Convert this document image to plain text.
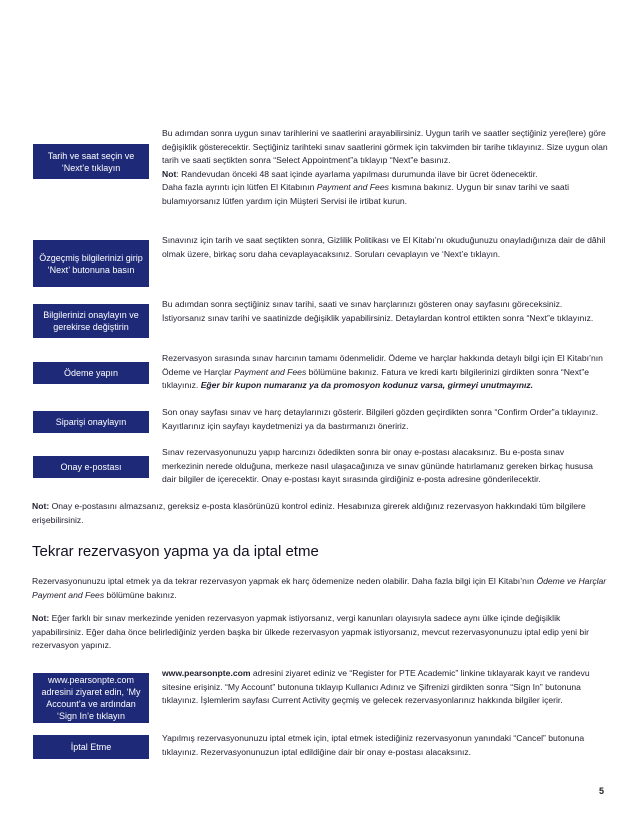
Tarih ve saat seçin ve ‘Next’e tıklayın
Bu adımdan sonra uygun sınav tarihlerini ve saatlerini arayabilirsiniz. Uygun tarih ve saatler seçtiğiniz yere(lere) göre değişiklik gösterecektir. Seçtiğiniz tarihteki sınav saatlerini görmek için takvimden bir tarihe tıklayınız. Size uygun olan tarih ve saati seçtikten sonra “Select Appointment”a tıklayıp “Next”e basınız.
Not: Randevudan önceki 48 saat içinde ayarlama yapılması durumunda ilave bir ücret ödenecektir.
Daha fazla ayrıntı için lütfen El Kitabının Payment and Fees kısmına bakınız. Uygun bir sınav tarihi ve saati bulamıyorsanız lütfen yardım için Müşteri Servisi ile irtibat kurun.
Özgeçmiş bilgilerinizi girip ‘Next’ butonuna basın
Sınavınız için tarih ve saat seçtikten sonra, Gizlilik Politikası ve El Kitabı’nı okuduğunuzu onayladığınıza dair de dâhil olmak üzere, birkaç soru daha cevaplayacaksınız. Soruları cevaplayın ve ‘Next’e tıklayın.
Bilgilerinizi onaylayın ve gerekirse değiştirin
Bu adımdan sonra seçtiğiniz sınav tarihi, saati ve sınav harçlarınızı gösteren onay sayfasını göreceksiniz. İstiyorsanız sınav tarihi ve saatinizde değişiklik yapabilirsiniz. Detaylardan kontrol ettikten sonra “Next”e tıklayınız.
Ödeme yapın
Rezervasyon sırasında sınav harcının tamamı ödenmelidir. Ödeme ve harçlar hakkında detaylı bilgi için El Kitabı’nın Ödeme ve Harçlar Payment and Fees bölümüne bakınız. Fatura ve kredi kartı bilgilerinizi girdikten sonra “Next”e tıklayınız. Eğer bir kupon numaranız ya da promosyon kodunuz varsa, girmeyi unutmayınız.
Siparişi onaylayın
Son onay sayfası sınav ve harç detaylarınızı gösterir. Bilgileri gözden geçirdikten sonra “Confirm Order”a tıklayınız. Kayıtlarınız için sayfayı kaydetmenizi ya da bastırmanızı öneririz.
Onay e-postası
Sınav rezervasyonunuzu yapıp harcınızı ödedikten sonra bir onay e-postası alacaksınız. Bu e-posta sınav merkezinin nerede olduğuna, merkeze nasıl ulaşacağınıza ve sınav gününde hatırlamanız gereken birkaç hususa dair bilgiler de içerecektir. Onay e-postası kayıt sırasında girdiğiniz e-posta adresine gönderilecektir.
Not: Onay e-postasını almazsanız, gereksiz e-posta klasörünüzü kontrol ediniz. Hesabınıza girerek aldığınız rezervasyon hakkındaki tüm bilgilere erişebilirsiniz.
Tekrar rezervasyon yapma ya da iptal etme
Rezervasyonunuzu iptal etmek ya da tekrar rezervasyon yapmak ek harç ödemenize neden olabilir. Daha fazla bilgi için El Kitabı’nın Ödeme ve Harçlar Payment and Fees bölümüne bakınız.
Not: Eğer farklı bir sınav merkezinde yeniden rezervasyon yapmak istiyorsanız, vergi kanunları olayısıyla sadece aynı ülke içinde değişiklik yapabilirsiniz. Eğer daha önce belirlediğiniz yerden başka bir ülkede rezervasyon yapmak istiyorsanız, mevcut rezervasyonunuzu iptal edip yeni bir rezervasyon yapınız.
www.pearsonpte.com adresini ziyaret edin, ‘My Account’a ve ardından ‘Sign In’e tıklayın
www.pearsonpte.com adresini ziyaret ediniz ve “Register for PTE Academic” linkine tıklayarak kayıt ve randevu sitesine erişiniz. “My Account” butonuna tıklayıp Kullanıcı Adınız ve Şifrenizi girdikten sonra “Sign In” butonuna tıklayınız. İşlemlerim sayfası Current Activity geçmiş ve gelecek rezervasyonlarınız hakkında bilgiler içerir.
İptal Etme
Yapılmış rezervasyonunuzu iptal etmek için, iptal etmek istediğiniz rezervasyonun yanındaki “Cancel” butonuna tıklayınız. Rezervasyonunuzun iptal edildiğine dair bir onay e-postası alacaksınız.
5
